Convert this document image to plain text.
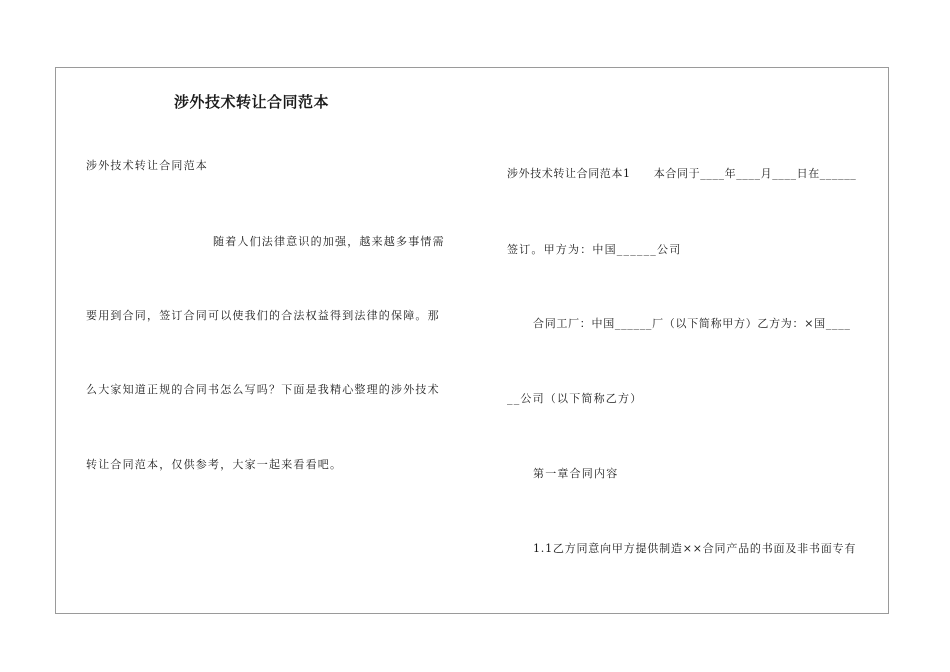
涉外技术转让合同范本
涉外技术转让合同范本
随着人们法律意识的加强，越来越多事情需
要用到合同，签订合同可以使我们的合法权益得到法律的保障。那
么大家知道正规的合同书怎么写吗？下面是我精心整理的涉外技术
转让合同范本，仅供参考，大家一起来看看吧。
涉外技术转让合同范本1　　本合同于____年____月____日在______
签订。甲方为：中国______公司
合同工厂：中国______厂（以下简称甲方）乙方为：×国____
__公司（以下简称乙方）
第一章合同内容
1.1乙方同意向甲方提供制造××合同产品的书面及非书面专有
